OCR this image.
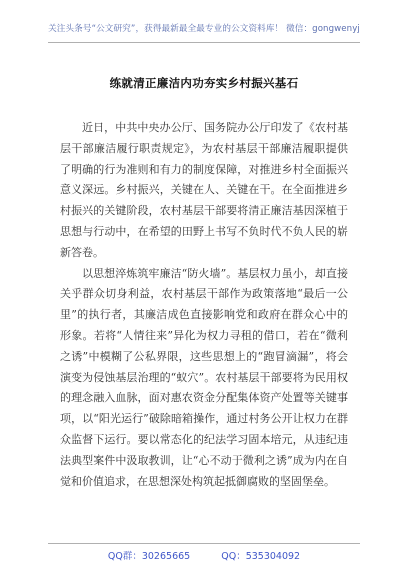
关注头条号“公文研究”，获得最新最全最专业的公文资料库！ 微信：gongwenyj
练就清正廉洁内功夯实乡村振兴基石

近日，中共中央办公厅、国务院办公厅印发了《农村基层干部廉洁履行职责规定》，为农村基层干部廉洁履职提供了明确的行为准则和有力的制度保障，对推进乡村全面振兴意义深远。乡村振兴，关键在人、关键在干。在全面推进乡村振兴的关键阶段，农村基层干部要将清正廉洁基因深植于思想与行动中，在希望的田野上书写不负时代不负人民的崭新答卷。

以思想淬炼筑牢廉洁“防火墙”。基层权力虽小，却直接关乎群众切身利益，农村基层干部作为政策落地“最后一公里”的执行者，其廉洁成色直接影响党和政府在群众心中的形象。若将“人情往来”异化为权力寻租的借口，若在“微利之诱”中模糊了公私界限，这些思想上的“跑冒滴漏”，将会演变为侵蚀基层治理的“蚁穴”。农村基层干部要将为民用权的理念融入血脉，面对惠农资金分配集体资产处置等关键事项，以“阳光运行”破除暗箱操作，通过村务公开让权力在群众监督下运行。要以常态化的纪法学习固本培元，从违纪违法典型案件中汲取教训，让“心不动于微利之诱”成为内在自觉和价值追求，在思想深处构筑起抵御腐败的坚固堡垒。

QQ群：30265665	QQ：535304092
